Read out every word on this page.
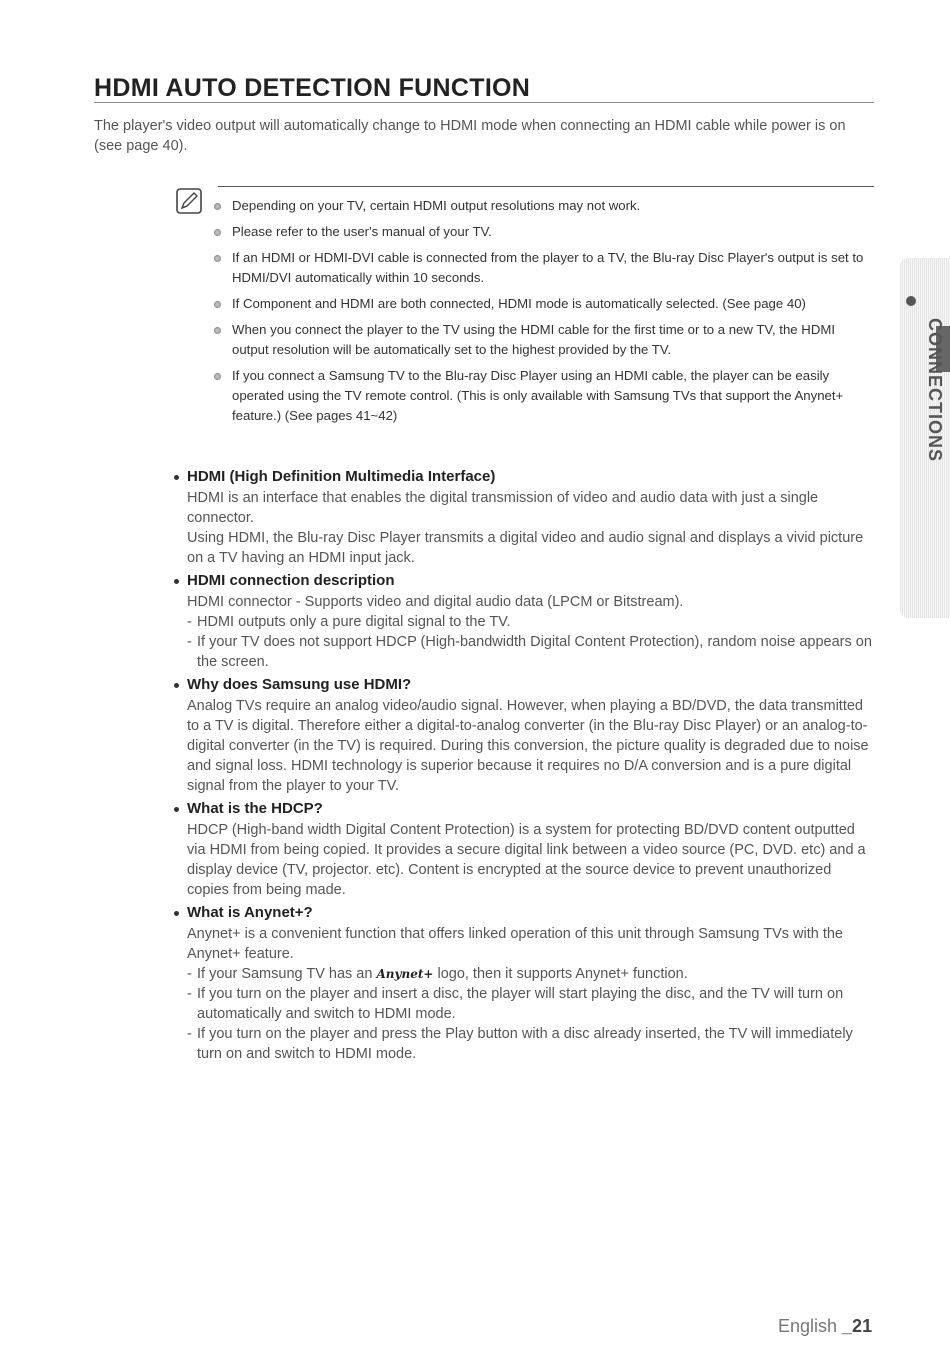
HDMI AUTO DETECTION FUNCTION
The player's video output will automatically change to HDMI mode when connecting an HDMI cable while power is on (see page 40).
Depending on your TV, certain HDMI output resolutions may not work.
Please refer to the user's manual of your TV.
If an HDMI or HDMI-DVI cable is connected from the player to a TV, the Blu-ray Disc Player's output is set to HDMI/DVI automatically within 10 seconds.
If Component and HDMI are both connected, HDMI mode is automatically selected. (See page 40)
When you connect the player to the TV using the HDMI cable for the first time or to a new TV, the HDMI output resolution will be automatically set to the highest provided by the TV.
If you connect a Samsung TV to the Blu-ray Disc Player using an HDMI cable, the player can be easily operated using the TV remote control. (This is only available with Samsung TVs that support the Anynet+ feature.) (See pages 41~42)
HDMI (High Definition Multimedia Interface)

HDMI is an interface that enables the digital transmission of video and audio data with just a single connector.

Using HDMI, the Blu-ray Disc Player transmits a digital video and audio signal and displays a vivid picture on a TV having an HDMI input jack.

HDMI connection description

HDMI connector - Supports video and digital audio data (LPCM or Bitstream).

- HDMI outputs only a pure digital signal to the TV.

- If your TV does not support HDCP (High-bandwidth Digital Content Protection), random noise appears on the screen.

Why does Samsung use HDMI?

Analog TVs require an analog video/audio signal. However, when playing a BD/DVD, the data transmitted to a TV is digital. Therefore either a digital-to-analog converter (in the Blu-ray Disc Player) or an analog-to-digital converter (in the TV) is required. During this conversion, the picture quality is degraded due to noise and signal loss. HDMI technology is superior because it requires no D/A conversion and is a pure digital signal from the player to your TV.

What is the HDCP?

HDCP (High-band width Digital Content Protection) is a system for protecting BD/DVD content outputted via HDMI from being copied. It provides a secure digital link between a video source (PC, DVD. etc) and a display device (TV, projector. etc). Content is encrypted at the source device to prevent unauthorized copies from being made.

What is Anynet+?

Anynet+ is a convenient function that offers linked operation of this unit through Samsung TVs with the Anynet+ feature.

- If your Samsung TV has an Anynet+ logo, then it supports Anynet+ function.

- If you turn on the player and insert a disc, the player will start playing the disc, and the TV will turn on automatically and switch to HDMI mode.

- If you turn on the player and press the Play button with a disc already inserted, the TV will immediately turn on and switch to HDMI mode.

CONNECTIONS
English _21
